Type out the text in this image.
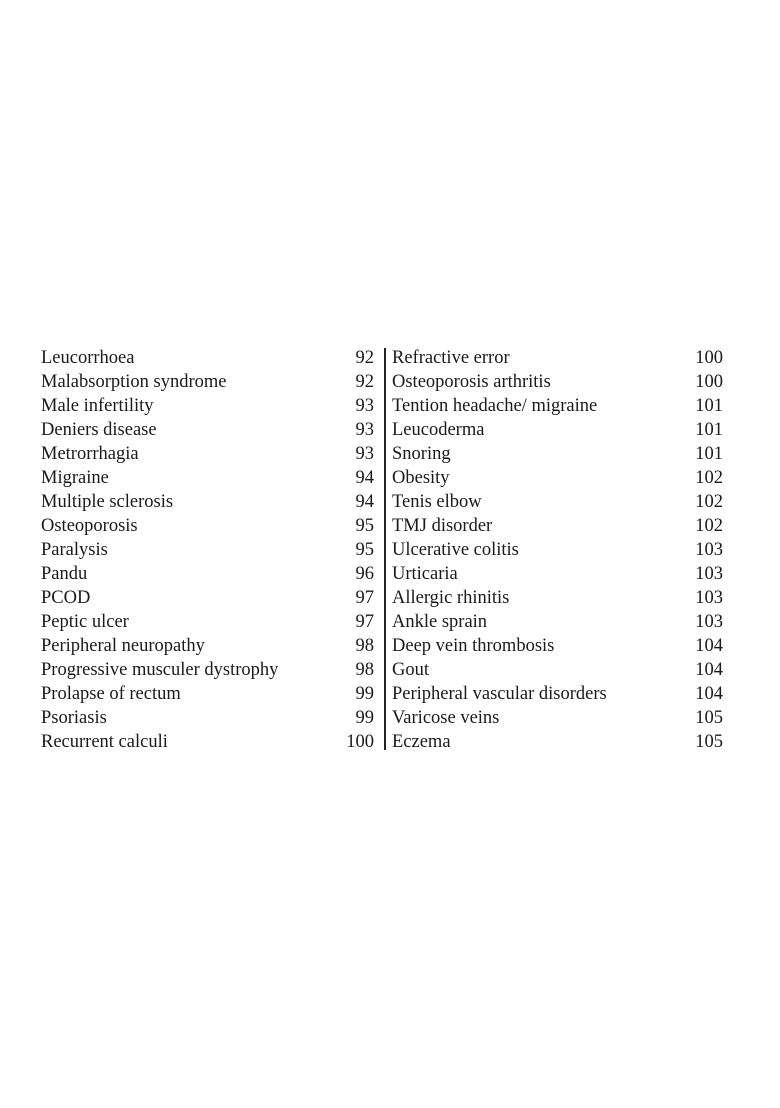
Leucorrhoea	92
Malabsorption syndrome	92
Male infertility	93
Deniers disease	93
Metrorrhagia	93
Migraine	94
Multiple sclerosis	94
Osteoporosis	95
Paralysis	95
Pandu	96
PCOD	97
Peptic ulcer	97
Peripheral neuropathy	98
Progressive musculer dystrophy	98
Prolapse of rectum	99
Psoriasis	99
Recurrent calculi	100
Refractive error	100
Osteoporosis arthritis	100
Tention headache/ migraine	101
Leucoderma	101
Snoring	101
Obesity	102
Tenis elbow	102
TMJ disorder	102
Ulcerative colitis	103
Urticaria	103
Allergic rhinitis	103
Ankle sprain	103
Deep vein thrombosis	104
Gout	104
Peripheral vascular disorders	104
Varicose veins	105
Eczema	105
